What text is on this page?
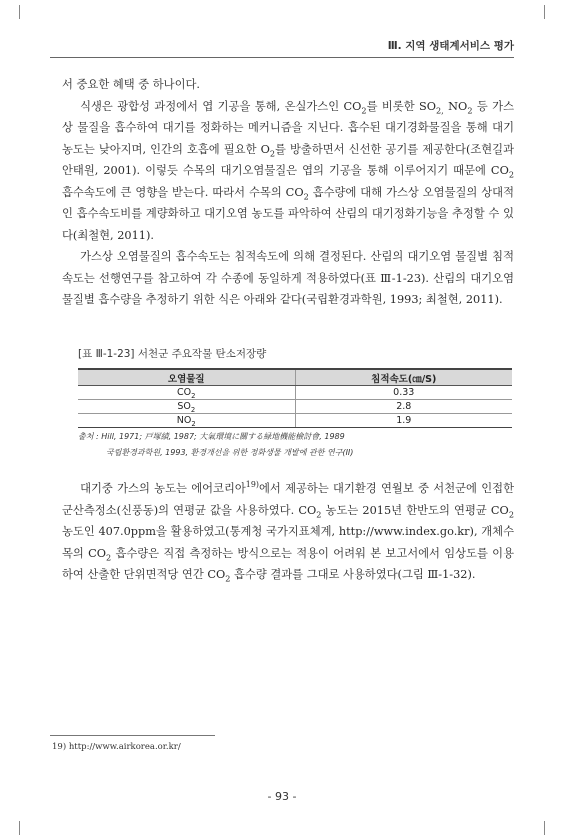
Ⅲ. 지역 생태계서비스 평가

서 중요한 혜택 중 하나이다.

식생은 광합성 과정에서 엽 기공을 통해, 온실가스인 $CO_2$를 비롯한 $SO_{2,}$ $NO_2$ 등 가스상 물질을 흡수하여 대기를 정화하는 메커니즘을 지닌다. 흡수된 대기경화물질을 통해 대기농도는 낮아지며, 인간의 호흡에 필요한 $O_2$를 방출하면서 신선한 공기를 제공한다(조현길과 안태원, 2001). 이렇듯 수목의 대기오염물질은 엽의 기공을 통해 이루어지기 때문에 $CO_2$ 흡수속도에 큰 영향을 받는다. 따라서 수목의 $CO_2$ 흡수량에 대해 가스상 오염물질의 상대적인 흡수속도비를 계량화하고 대기오염 농도를 파악하여 산림의 대기정화기능을 추정할 수 있다(최철현, 2011).

가스상 오염물질의 흡수속도는 침적속도에 의해 결정된다. 산림의 대기오염 물질별 침적속도는 선행연구를 참고하여 각 수종에 동일하게 적용하였다(표 Ⅲ-1-23). 산림의 대기오염 물질별 흡수량을 추정하기 위한 식은 아래와 같다(국립환경과학원, 1993; 최철현, 2011).

[표 Ⅲ-1-23] 서천군 주요작물 탄소저장량
오염물질	침적속도(㎝/S)
$CO_2$	0.33
$SO_2$	2.8
$NO_2$	1.9

출처 : Hill, 1971; 戸塚績, 1987; 大氣環境に關する緑地機能檢討會, 1989

국립환경과학원, 1993, 환경개선을 위한 정화생물 개발에 관한 연구(II)

대기중 가스의 농도는 에어코리아$^{19)}$에서 제공하는 대기환경 연월보 중 서천군에 인접한 군산측정소(신풍동)의 연평균 값을 사용하였다. $CO_2$ 농도는 2015년 한반도의 연평균 $CO_2$ 농도인 407.0ppm을 활용하였고(통계청 국가지표체계, http://www.index.go.kr), 개체수목의 $CO_2$ 흡수량은 직접 측정하는 방식으로는 적용이 어려워 본 보고서에서 임상도를 이용하여 산출한 단위면적당 연간 $CO_2$ 흡수량 결과를 그대로 사용하였다(그림 Ⅲ-1-32).

19) http://www.airkorea.or.kr/
- 93 -
